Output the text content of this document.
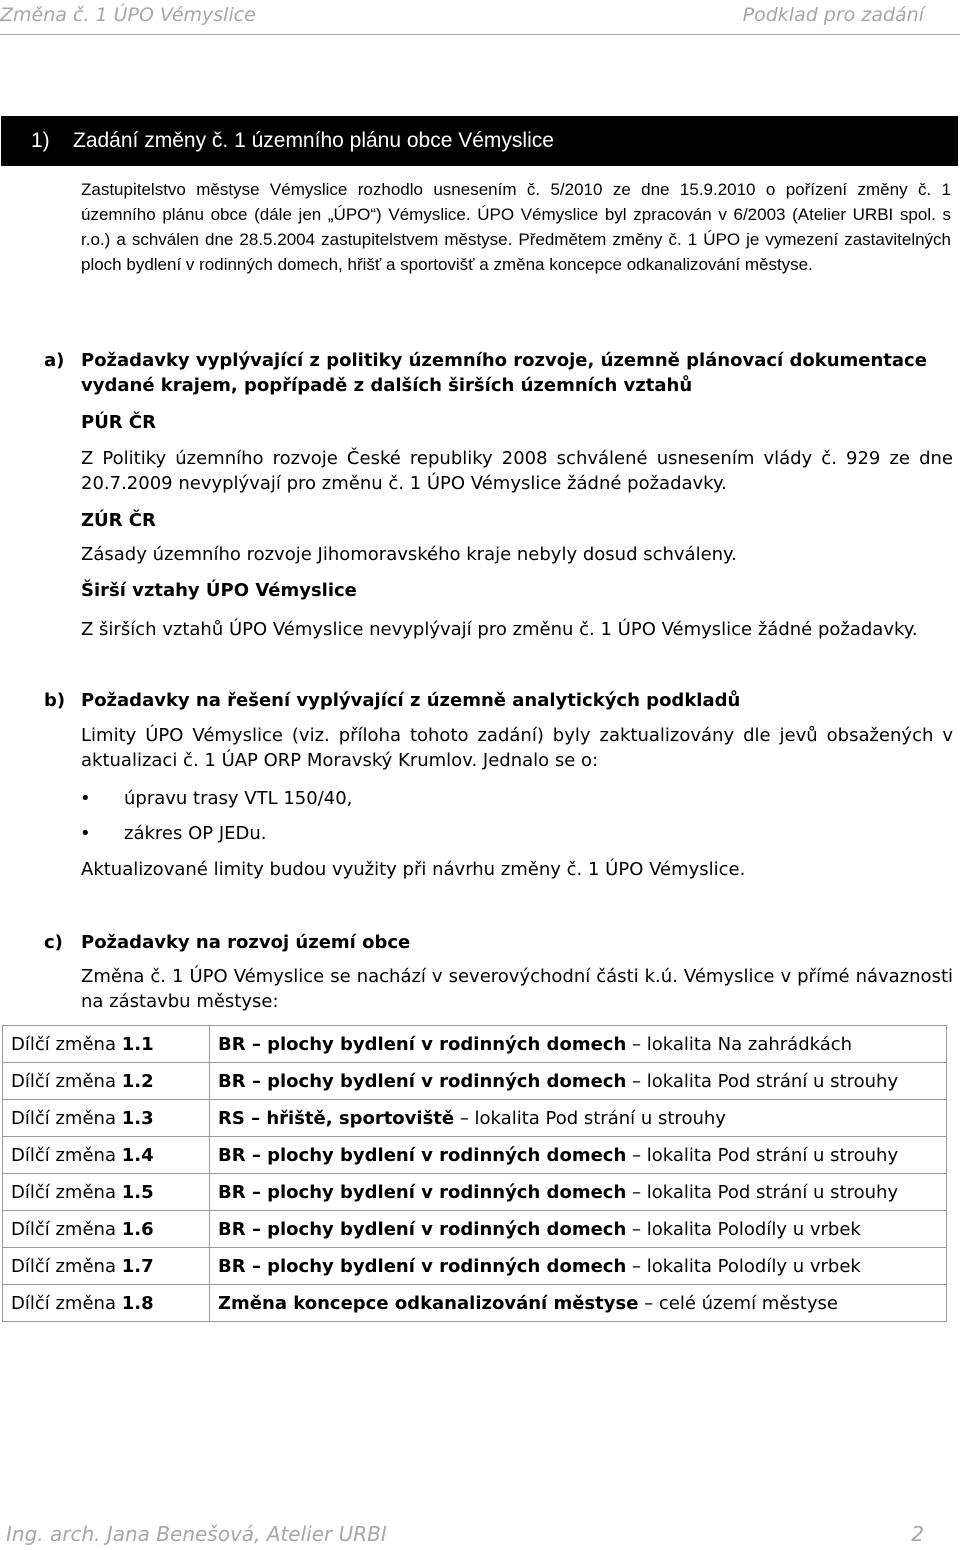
Změna č. 1 ÚPO Vémyslice	Podklad pro zadání
1) Zadání změny č. 1 územního plánu obce Vémyslice
Zastupitelstvo městyse Vémyslice rozhodlo usnesením č. 5/2010 ze dne 15.9.2010 o pořízení změny č. 1 územního plánu obce (dále jen „ÚPO“) Vémyslice. ÚPO Vémyslice byl zpracován v 6/2003 (Atelier URBI spol. s r.o.) a schválen dne 28.5.2004 zastupitelstvem městyse. Předmětem změny č. 1 ÚPO je vymezení zastavitelných ploch bydlení v rodinných domech, hřišť a sportovišť a změna koncepce odkanalizování městyse.
a) Požadavky vyplývající z politiky územního rozvoje, územně plánovací dokumentace vydané krajem, popřípadě z dalších širších územních vztahů
PÚR ČR
Z Politiky územního rozvoje České republiky 2008 schválené usnesením vlády č. 929 ze dne 20.7.2009 nevyplývají pro změnu č. 1 ÚPO Vémyslice žádné požadavky.
ZÚR ČR
Zásady územního rozvoje Jihomoravského kraje nebyly dosud schváleny.
Širší vztahy ÚPO Vémyslice
Z širších vztahů ÚPO Vémyslice nevyplývají pro změnu č. 1 ÚPO Vémyslice žádné požadavky.
b) Požadavky na řešení vyplývající z územně analytických podkladů
Limity ÚPO Vémyslice (viz. příloha tohoto zadání) byly zaktualizovány dle jevů obsažených v aktualizaci č. 1 ÚAP ORP Moravský Krumlov. Jednalo se o:
• úpravu trasy VTL 150/40,
• zákres OP JEDu.
Aktualizované limity budou využity při návrhu změny č. 1 ÚPO Vémyslice.
c) Požadavky na rozvoj území obce
Změna č. 1 ÚPO Vémyslice se nachází v severovýchodní části k.ú. Vémyslice v přímé návaznosti na zástavbu městyse:
Dílčí změna 1.1	BR – plochy bydlení v rodinných domech – lokalita Na zahrádkách
Dílčí změna 1.2	BR – plochy bydlení v rodinných domech – lokalita Pod strání u strouhy
Dílčí změna 1.3	RS – hřiště, sportoviště – lokalita Pod strání u strouhy
Dílčí změna 1.4	BR – plochy bydlení v rodinných domech – lokalita Pod strání u strouhy
Dílčí změna 1.5	BR – plochy bydlení v rodinných domech – lokalita Pod strání u strouhy
Dílčí změna 1.6	BR – plochy bydlení v rodinných domech – lokalita Polodíly u vrbek
Dílčí změna 1.7	BR – plochy bydlení v rodinných domech – lokalita Polodíly u vrbek
Dílčí změna 1.8	Změna koncepce odkanalizování městyse – celé území městyse
Ing. arch. Jana Benešová, Atelier URBI	2
